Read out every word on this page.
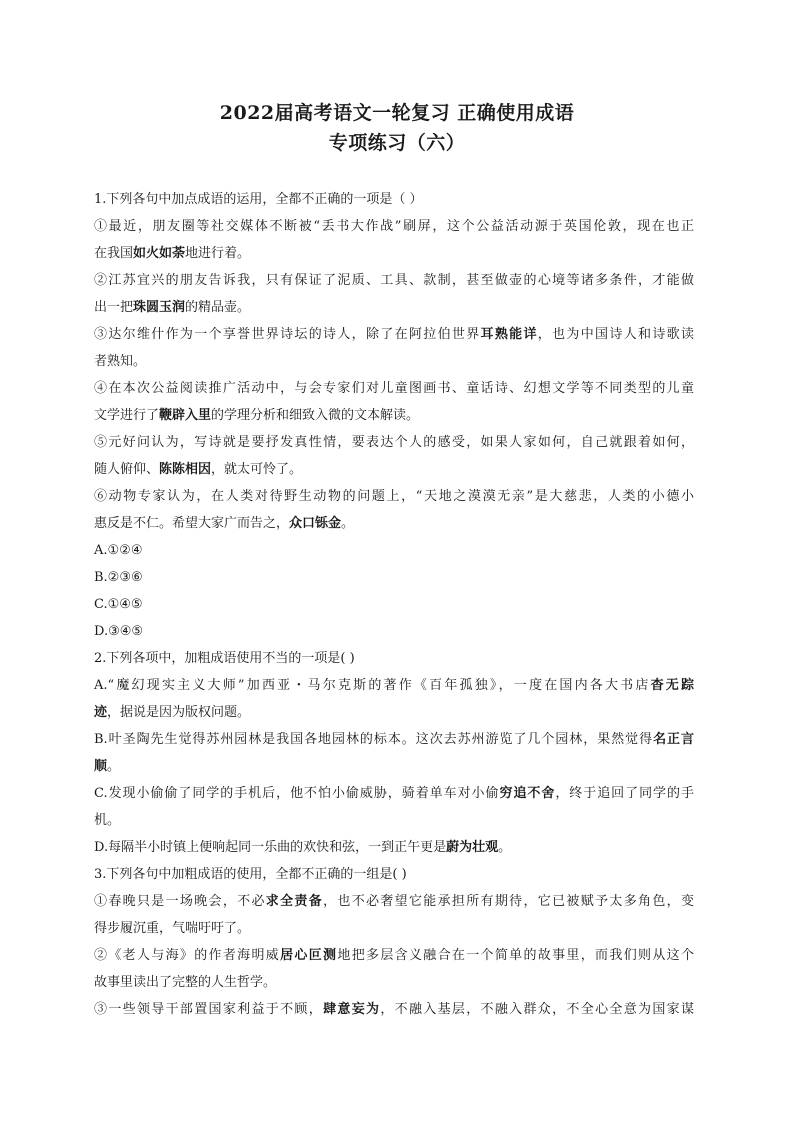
2022届高考语文一轮复习 正确使用成语
专项练习（六）
1.下列各句中加点成语的运用，全都不正确的一项是（ ）
①最近，朋友圈等社交媒体不断被“丢书大作战”刷屏，这个公益活动源于英国伦敦，现在也正
在我国如火如荼地进行着。
②江苏宜兴的朋友告诉我，只有保证了泥质、工具、款制，甚至做壶的心境等诸多条件，才能做
出一把珠圆玉润的精品壶。
③达尔维什作为一个享誉世界诗坛的诗人，除了在阿拉伯世界耳熟能详，也为中国诗人和诗歌读
者熟知。
④在本次公益阅读推广活动中，与会专家们对儿童图画书、童话诗、幻想文学等不同类型的儿童
文学进行了鞭辟入里的学理分析和细致入微的文本解读。
⑤元好问认为，写诗就是要抒发真性情，要表达个人的感受，如果人家如何，自己就跟着如何，
随人俯仰、陈陈相因，就太可怜了。
⑥动物专家认为，在人类对待野生动物的问题上，“天地之漠漠无亲”是大慈悲，人类的小德小
惠反是不仁。希望大家广而告之，众口铄金。
A.①②④
B.②③⑥
C.①④⑤
D.③④⑤
2.下列各项中，加粗成语使用不当的一项是( )
A.“魔幻现实主义大师”加西亚・马尔克斯的著作《百年孤独》，一度在国内各大书店杳无踪
迹，据说是因为版权问题。
B.叶圣陶先生觉得苏州园林是我国各地园林的标本。这次去苏州游览了几个园林，果然觉得名正言
顺。
C.发现小偷偷了同学的手机后，他不怕小偷威胁，骑着单车对小偷穷追不舍，终于追回了同学的手
机。
D.每隔半小时镇上便响起同一乐曲的欢快和弦，一到正午更是蔚为壮观。
3.下列各句中加粗成语的使用，全都不正确的一组是( )
①春晚只是一场晚会，不必求全责备，也不必奢望它能承担所有期待，它已被赋予太多角色，变
得步履沉重，气喘吁吁了。
②《老人与海》的作者海明威居心叵测地把多层含义融合在一个简单的故事里，而我们则从这个
故事里读出了完整的人生哲学。
③一些领导干部置国家利益于不顾，肆意妄为，不融入基层，不融入群众，不全心全意为国家谋
